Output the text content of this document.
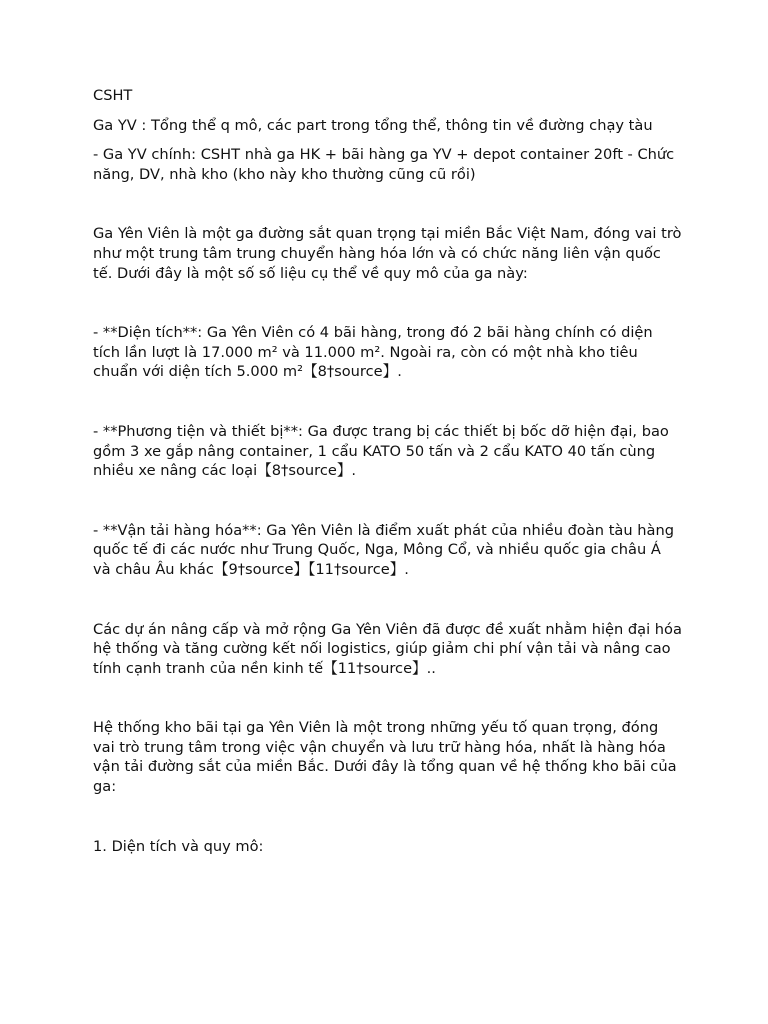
CSHT

Ga YV : Tổng thể q mô, các part trong tổng thể, thông tin về đường chạy tàu

- Ga YV chính: CSHT nhà ga HK + bãi hàng ga YV + depot container 20ft - Chức năng, DV, nhà kho (kho này kho thường cũng cũ rồi)

Ga Yên Viên là một ga đường sắt quan trọng tại miền Bắc Việt Nam, đóng vai trò như một trung tâm trung chuyển hàng hóa lớn và có chức năng liên vận quốc tế. Dưới đây là một số số liệu cụ thể về quy mô của ga này:

- **Diện tích**: Ga Yên Viên có 4 bãi hàng, trong đó 2 bãi hàng chính có diện tích lần lượt là 17.000 m² và 11.000 m². Ngoài ra, còn có một nhà kho tiêu chuẩn với diện tích 5.000 m²【8†source】.

- **Phương tiện và thiết bị**: Ga được trang bị các thiết bị bốc dỡ hiện đại, bao gồm 3 xe gắp nâng container, 1 cẩu KATO 50 tấn và 2 cẩu KATO 40 tấn cùng nhiều xe nâng các loại【8†source】.

- **Vận tải hàng hóa**: Ga Yên Viên là điểm xuất phát của nhiều đoàn tàu hàng quốc tế đi các nước như Trung Quốc, Nga, Mông Cổ, và nhiều quốc gia châu Á và châu Âu khác【9†source】【11†source】.

Các dự án nâng cấp và mở rộng Ga Yên Viên đã được đề xuất nhằm hiện đại hóa hệ thống và tăng cường kết nối logistics, giúp giảm chi phí vận tải và nâng cao tính cạnh tranh của nền kinh tế【11†source】..

Hệ thống kho bãi tại ga Yên Viên là một trong những yếu tố quan trọng, đóng vai trò trung tâm trong việc vận chuyển và lưu trữ hàng hóa, nhất là hàng hóa vận tải đường sắt của miền Bắc. Dưới đây là tổng quan về hệ thống kho bãi của ga:

1. Diện tích và quy mô:
